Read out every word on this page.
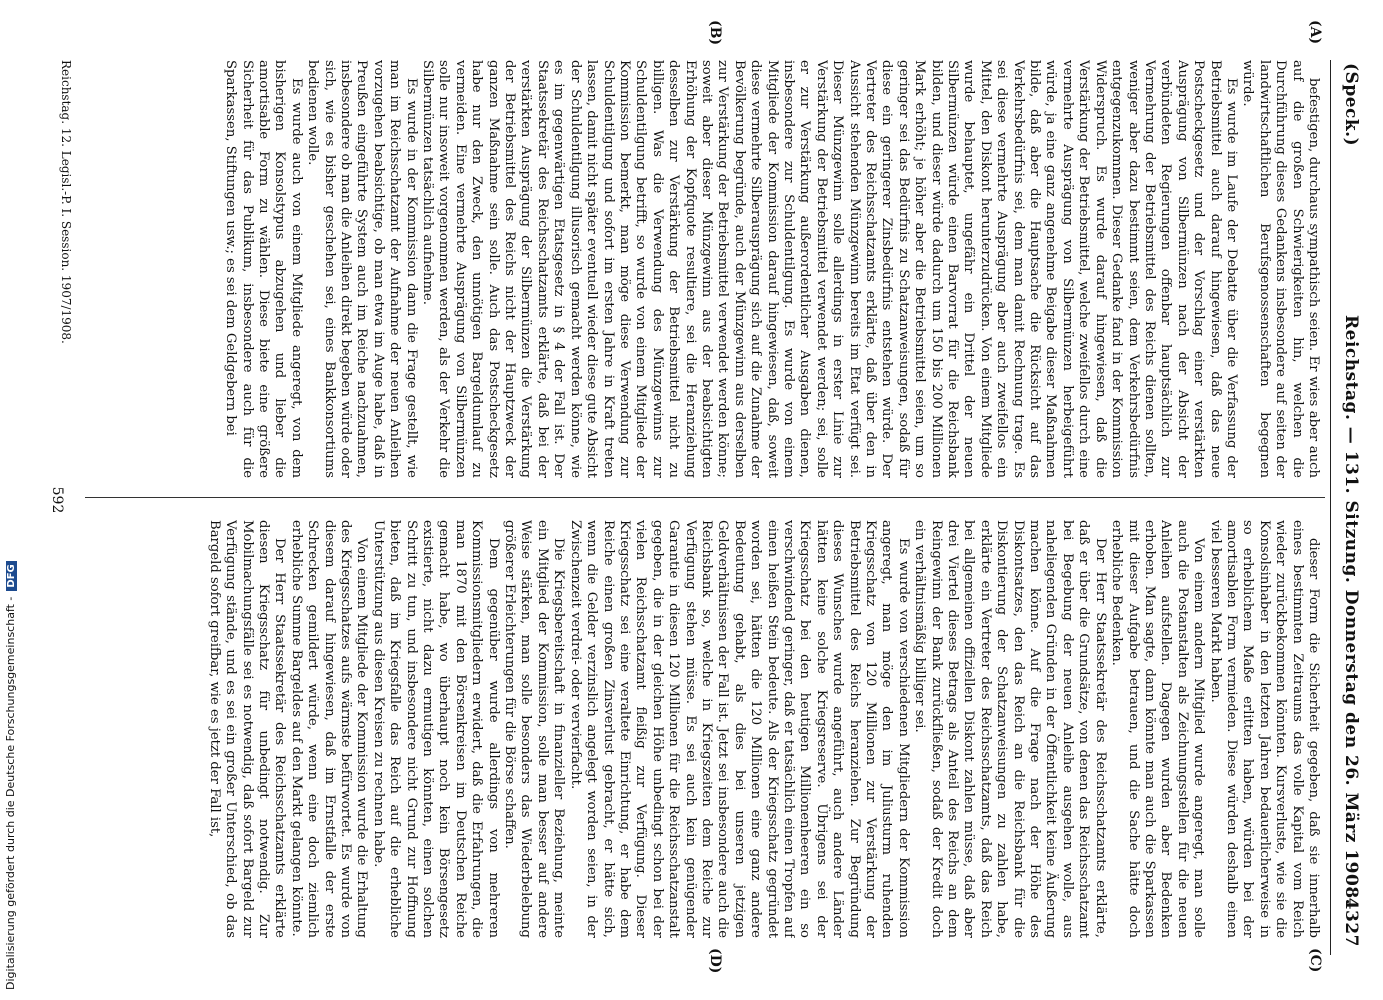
(Speck.)
Reichstag. — 131. Sitzung. Donnerstag den 26. März 1908.
4327
(A)
(B)
(C)
(D)

befestigen, durchaus sympathisch seien. Er wies aber auch auf die großen Schwierigkeiten hin, welchen die Durchführung dieses Gedankens insbesondere auf seiten der landwirtschaftlichen Berufsgenossenschaften begegnen würde.

Es wurde im Laufe der Debatte über die Verfassung der Betriebsmittel auch darauf hingewiesen, daß das neue Postscheckgesetz und der Vorschlag einer verstärkten Ausprägung von Silbermünzen nach der Absicht der verbündeten Regierungen offenbar hauptsächlich zur Vermehrung der Betriebsmittel des Reichs dienen sollten, weniger aber dazu bestimmt seien, dem Verkehrsbedürfnis entgegenzukommen. Dieser Gedanke fand in der Kommission Widerspruch. Es wurde darauf hingewiesen, daß die Verstärkung der Betriebsmittel, welche zweifellos durch eine vermehrte Ausprägung von Silbermünzen herbeigeführt würde, ja eine ganz angenehme Beigabe dieser Maßnahmen bilde, daß aber die Hauptsache die Rücksicht auf das Verkehrsbedürfnis sei, dem man damit Rechnung trage. Es sei diese vermehrte Ausprägung aber auch zweifellos ein Mittel, den Diskont herunterzudrücken. Von einem Mitgliede wurde behauptet, ungefähr ein Drittel der neuen Silbermünzen würde einen Barvorrat für die Reichsbank bilden, und dieser würde dadurch um 150 bis 200 Millionen Mark erhöht; je höher aber die Betriebsmittel seien, um so geringer sei das Bedürfnis zu Schatzanweisungen, sodaß für diese ein geringerer Zinsbedürfnis entstehen würde. Der Vertreter des Reichsschatzamts erklärte, daß über den in Aussicht stehenden Münzgewinn bereits im Etat verfügt sei. Dieser Münzgewinn solle allerdings in erster Linie zur Verstärkung der Betriebsmittel verwendet werden; sei, solle er zur Verstärkung außerordentlicher Ausgaben dienen, insbesondere zur Schuldentilgung. Es wurde von einem Mitgliede der Kommission darauf hingewiesen, daß, soweit diese vermehrte Silberausprägung sich auf die Zunahme der Bevölkerung begründe, auch der Münzgewinn aus derselben zur Verstärkung der Betriebsmittel verwendet werden könne; soweit aber dieser Münzgewinn aus der beabsichtigten Erhöhung der Kopfquote resultiere, sei die Heranziehung desselben zur Verstärkung der Betriebsmittel nicht zu billigen. Was die Verwendung des Münzgewinns zur Schuldentilgung betrifft, so wurde von einem Mitgliede der Kommission bemerkt, man möge diese Verwendung zur Schuldentilgung und sofort im ersten Jahre in Kraft treten lassen, damit nicht später eventuell wieder diese gute Absicht der Schuldentilgung illusorisch gemacht werden könne, wie es im gegenwärtigen Etatsgesetz in § 4 der Fall ist. Der Staatssekretär des Reichsschatzamts erklärte, daß bei der verstärkten Ausprägung der Silbermünzen die Verstärkung der Betriebsmittel des Reichs nicht der Hauptzweck der ganzen Maßnahme sein solle. Auch das Postscheckgesetz habe nur den Zweck, den unnötigen Bargeldumlauf zu vermeiden. Eine vermehrte Ausprägung von Silbermünzen solle nur insoweit vorgenommen werden, als der Verkehr die Silbermünzen tatsächlich aufnehme.

Es wurde in der Kommission dann die Frage gestellt, wie man im Reichsschatzamt der Aufnahme der neuen Anleihen vorzugehen beabsichtige, ob man etwa im Auge habe, daß in Preußen eingeführte System auch im Reiche nachzuahmen, insbesondere ob man die Anleihen direkt begeben würde oder sich, wie es bisher geschehen sei, eines Bankkonsortiums bedienen wolle.

Es wurde auch von einem Mitgliede angeregt, von dem bisherigen Konsolstypus abzugehen und lieber die amortisable Form zu wählen. Diese biete eine größere Sicherheit für das Publikum, insbesondere auch für die Sparkassen, Stiftungen usw.; es sei dem Geldgebern bei

dieser Form die Sicherheit gegeben, daß sie innerhalb eines bestimmten Zeitraums das volle Kapital vom Reich wieder zurückbekommen könnten. Kursverluste, wie sie die Konsolsinhaber in den letzten Jahren bedauerlicherweise in so erheblichem Maße erlitten haben, würden bei der amortisablen Form vermieden. Diese würden deshalb einen viel besseren Markt haben.

Von einem andern Mitglied wurde angeregt, man solle auch die Postanstalten als Zeichnungsstellen für die neuen Anleihen aufstellen. Dagegen wurden aber Bedenken erhoben. Man sagte, dann könnte man auch die Sparkassen mit dieser Aufgabe betrauen, und die Sache hätte doch erhebliche Bedenken.

Der Herr Staatssekretär des Reichsschatzamts erklärte, daß er über die Grundsätze, von denen das Reichsschatzamt bei Begebung der neuen Anleihe ausgehen wolle, aus naheliegenden Gründen in der Öffentlichkeit keine Äußerung machen könne. Auf die Frage nach der Höhe des Diskontsatzes, den das Reich an die Reichsbank für die Diskontierung der Schatzanweisungen zu zahlen habe, erklärte ein Vertreter des Reichsschatzamts, daß das Reich bei allgemeinen offiziellen Diskont zahlen müsse, daß aber drei Viertel dieses Betrags als Anteil des Reichs an dem Reingewinn der Bank zurückfließen, sodaß der Kredit doch ein verhältnismäßig billiger sei.

Es wurde von verschiedenen Mitgliedern der Kommission angeregt, man möge den im Juliusturm ruhenden Kriegsschatz von 120 Millionen zur Verstärkung der Betriebsmittel des Reichs heranziehen. Zur Begründung dieses Wunsches wurde angeführt, auch andere Länder hätten keine solche Kriegsreserve. Übrigens sei der Kriegsschatz bei den heutigen Millionenheeren ein so verschwindend geringer, daß er tatsächlich einen Tropfen auf einen heißen Stein bedeute. Als der Kriegsschatz gegründet worden sei, hätten die 120 Millionen eine ganz andere Bedeutung gehabt, als dies bei unseren jetzigen Geldverhältnissen der Fall ist. Jetzt sei insbesondere auch die Reichsbank so, welche in Kriegszeiten dem Reiche zur Verfügung stehen müsse. Es sei auch kein genügender Garantie in diesen 120 Millionen für die Reichsschatzanstalt gegeben, die in der gleichen Höhe unbedingt schon bei der vielen Reichsschatzamt fleißig zur Verfügung. Dieser Kriegsschatz sei eine veraltete Einrichtung, er habe dem Reiche einen großen Zinsverlust gebracht, er hätte sich, wenn die Gelder verzinslich angelegt worden seien, in der Zwischenzeit verdrei- oder vervierfacht.

Die Kriegsbereitschaft in finanzieller Beziehung, meinte ein Mitglied der Kommission, solle man besser auf andere Weise stärken, man solle besonders das Wiederbelebung größerer Erleichterungen für die Börse schaffen.

Dem gegenüber wurde allerdings von mehreren Kommissionsmitgliedern erwidert, daß die Erfahrungen, die man 1870 mit den Börsenkreisen im Deutschen Reiche gemacht habe, wo überhaupt noch kein Börsengesetz existierte, nicht dazu ermutigen könnten, einen solchen Schritt zu tun, und insbesondere nicht Grund zur Hoffnung bieten, daß im Kriegsfalle das Reich auf die erhebliche Unterstützung aus diesen Kreisen zu rechnen habe.

Von einem Mitgliede der Kommission wurde die Erhaltung des Kriegsschatzes aufs wärmste befürwortet. Es wurde von diesem darauf hingewiesen, daß im Ernstfalle der erste Schrecken gemildert würde, wenn eine doch ziemlich erhebliche Summe Bargeldes auf den Markt gelangen könnte.

Der Herr Staatssekretär des Reichsschatzamts erklärte diesen Kriegsschatz für unbedingt notwendig. Zur Mobilmachungsfälle sei es notwendig, daß sofort Bargeld zur Verfügung stände, und es sei ein großer Unterschied, ob das Bargeld sofort greifbar, wie es jetzt der Fall ist,

Reichstag. 12. Legisl.-P. I. Session. 1907/1908.
592
Digitalisierung gefördert durch die Deutsche Forschungsgemeinschaft -DFG
